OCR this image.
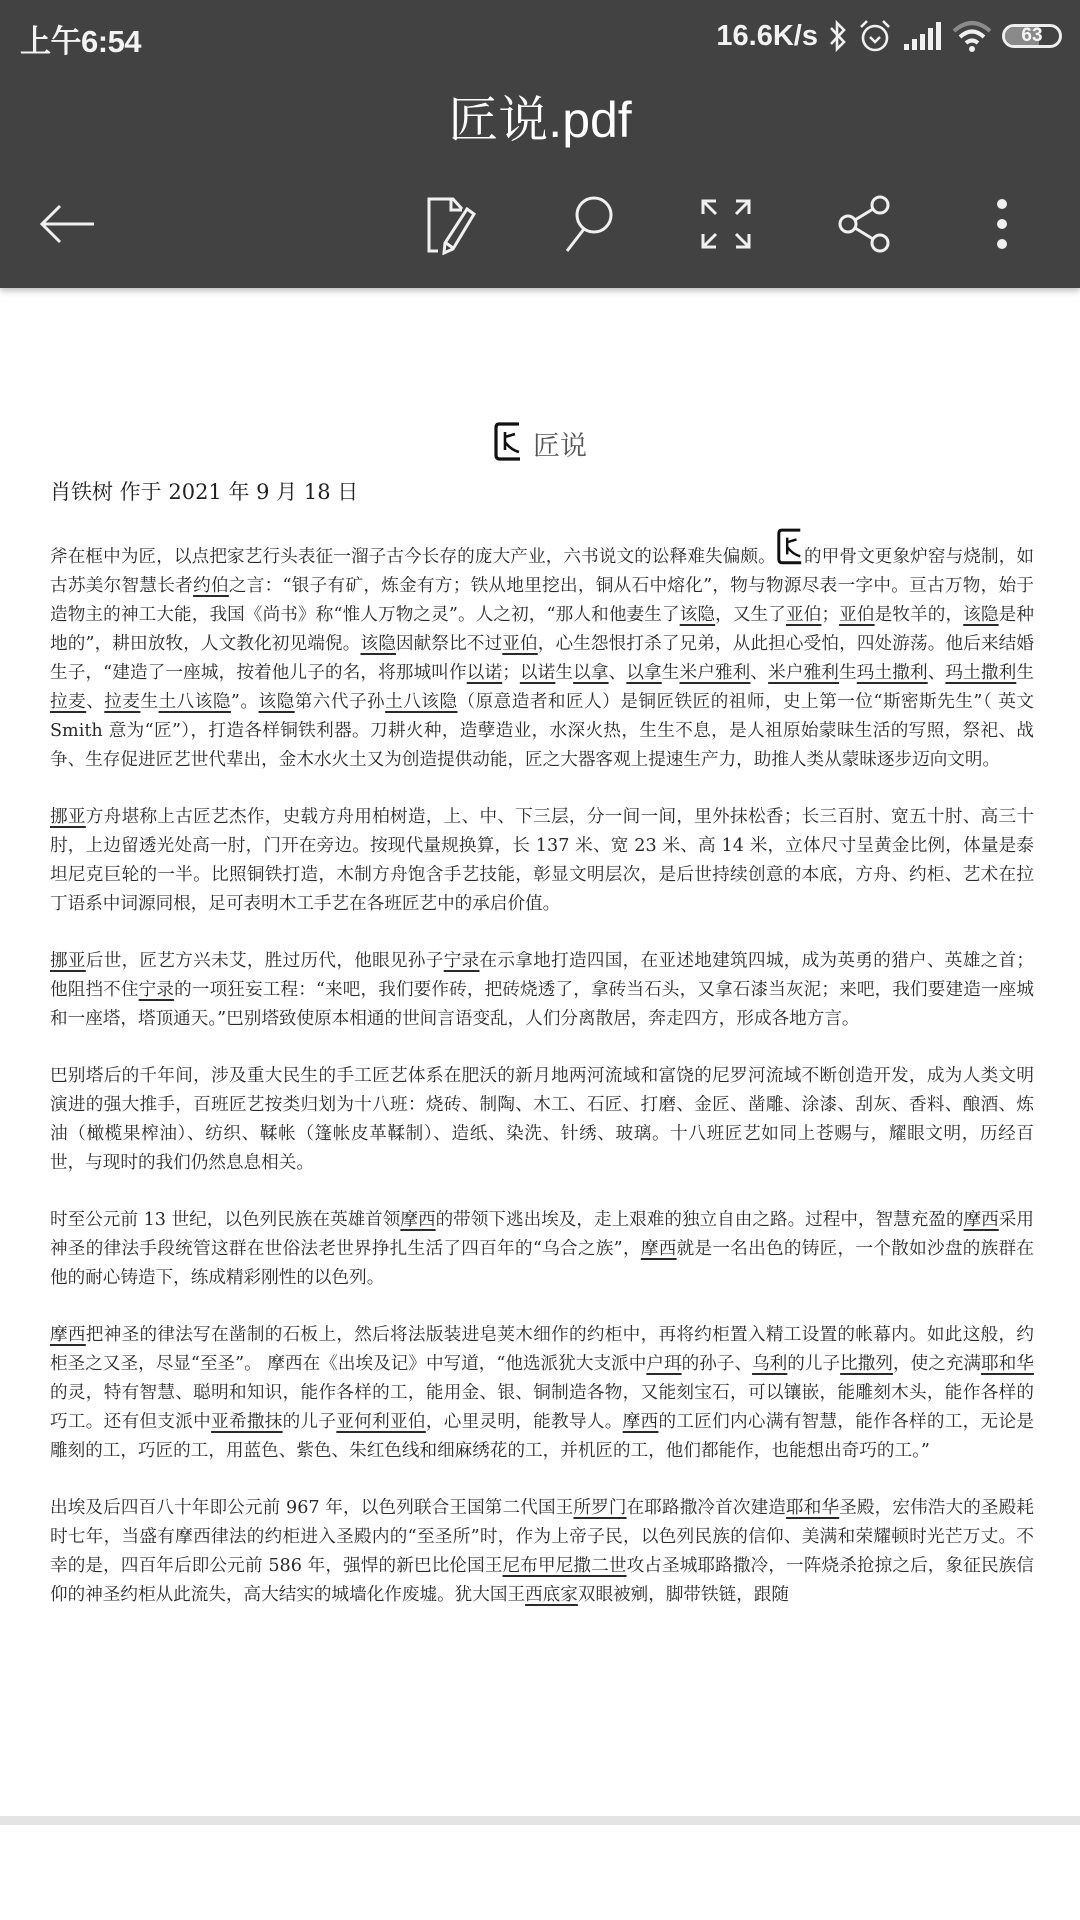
上午6:54	16.6K/s	63
匠说.pdf
匠说
肖铁树 作于 2021 年 9 月 18 日

斧在框中为匠，以点把家艺行头表征一溜子古今长存的庞大产业，六书说文的讼释难失偏颇。 的甲骨文更象炉窑与烧制，如古苏美尔智慧长者约伯之言：“银子有矿，炼金有方；铁从地里挖出，铜从石中熔化”，物与物源尽表一字中。亘古万物，始于造物主的神工大能，我国《尚书》称“惟人万物之灵”。人之初，“那人和他妻生了该隐，又生了亚伯；亚伯是牧羊的，该隐是种地的”，耕田放牧，人文教化初见端倪。该隐因献祭比不过亚伯，心生怨恨打杀了兄弟，从此担心受怕，四处游荡。他后来结婚生子，“建造了一座城，按着他儿子的名，将那城叫作以诺；以诺生以拿、以拿生米户雅利、米户雅利生玛土撒利、玛土撒利生拉麦、拉麦生土八该隐”。该隐第六代子孙土八该隐（原意造者和匠人）是铜匠铁匠的祖师，史上第一位“斯密斯先生”（ 英文 Smith 意为“匠”），打造各样铜铁利器。刀耕火种，造孽造业，水深火热，生生不息，是人祖原始蒙昧生活的写照，祭祀、战争、生存促进匠艺世代辈出，金木水火土又为创造提供动能，匠之大器客观上提速生产力，助推人类从蒙昧逐步迈向文明。

挪亚方舟堪称上古匠艺杰作，史载方舟用柏树造，上、中、下三层，分一间一间，里外抹松香；长三百肘、宽五十肘、高三十肘，上边留透光处高一肘，门开在旁边。按现代量规换算，长 137 米、宽 23 米、高 14 米，立体尺寸呈黄金比例，体量是泰坦尼克巨轮的一半。比照铜铁打造，木制方舟饱含手艺技能，彰显文明层次，是后世持续创意的本底，方舟、约柜、艺术在拉丁语系中词源同根，足可表明木工手艺在各班匠艺中的承启价值。

挪亚后世，匠艺方兴未艾，胜过历代，他眼见孙子宁录在示拿地打造四国，在亚述地建筑四城，成为英勇的猎户、英雄之首；他阻挡不住宁录的一项狂妄工程：“来吧，我们要作砖，把砖烧透了，拿砖当石头，又拿石漆当灰泥；来吧，我们要建造一座城和一座塔，塔顶通天。”巴别塔致使原本相通的世间言语变乱，人们分离散居，奔走四方，形成各地方言。

巴别塔后的千年间，涉及重大民生的手工匠艺体系在肥沃的新月地两河流域和富饶的尼罗河流域不断创造开发，成为人类文明演进的强大推手，百班匠艺按类归划为十八班：烧砖、制陶、木工、石匠、打磨、金匠、凿雕、涂漆、刮灰、香料、酿酒、炼油（橄榄果榨油）、纺织、鞣帐（篷帐皮革鞣制）、造纸、染洗、针绣、玻璃。十八班匠艺如同上苍赐与，耀眼文明，历经百世，与现时的我们仍然息息相关。

时至公元前 13 世纪，以色列民族在英雄首领摩西的带领下逃出埃及，走上艰难的独立自由之路。过程中，智慧充盈的摩西采用神圣的律法手段统管这群在世俗法老世界挣扎生活了四百年的“乌合之族”，摩西就是一名出色的铸匠，一个散如沙盘的族群在他的耐心铸造下，练成精彩刚性的以色列。

摩西把神圣的律法写在凿制的石板上，然后将法版装进皂荚木细作的约柜中，再将约柜置入精工设置的帐幕内。如此这般，约柜圣之又圣，尽显“至圣”。 摩西在《出埃及记》中写道，“他选派犹大支派中户珥的孙子、乌利的儿子比撒列，使之充满耶和华的灵，特有智慧、聪明和知识，能作各样的工，能用金、银、铜制造各物，又能刻宝石，可以镶嵌，能雕刻木头，能作各样的巧工。还有但支派中亚希撒抹的儿子亚何利亚伯，心里灵明，能教导人。摩西的工匠们内心满有智慧，能作各样的工，无论是雕刻的工，巧匠的工，用蓝色、紫色、朱红色线和细麻绣花的工，并机匠的工，他们都能作，也能想出奇巧的工。”

出埃及后四百八十年即公元前 967 年，以色列联合王国第二代国王所罗门在耶路撒冷首次建造耶和华圣殿，宏伟浩大的圣殿耗时七年，当盛有摩西律法的约柜进入圣殿内的“至圣所”时，作为上帝子民，以色列民族的信仰、美满和荣耀顿时光芒万丈。不幸的是，四百年后即公元前 586 年，强悍的新巴比伦国王尼布甲尼撒二世攻占圣城耶路撒冷，一阵烧杀抢掠之后，象征民族信仰的神圣约柜从此流失，高大结实的城墙化作废墟。犹大国王西底家双眼被剜，脚带铁链，跟随
